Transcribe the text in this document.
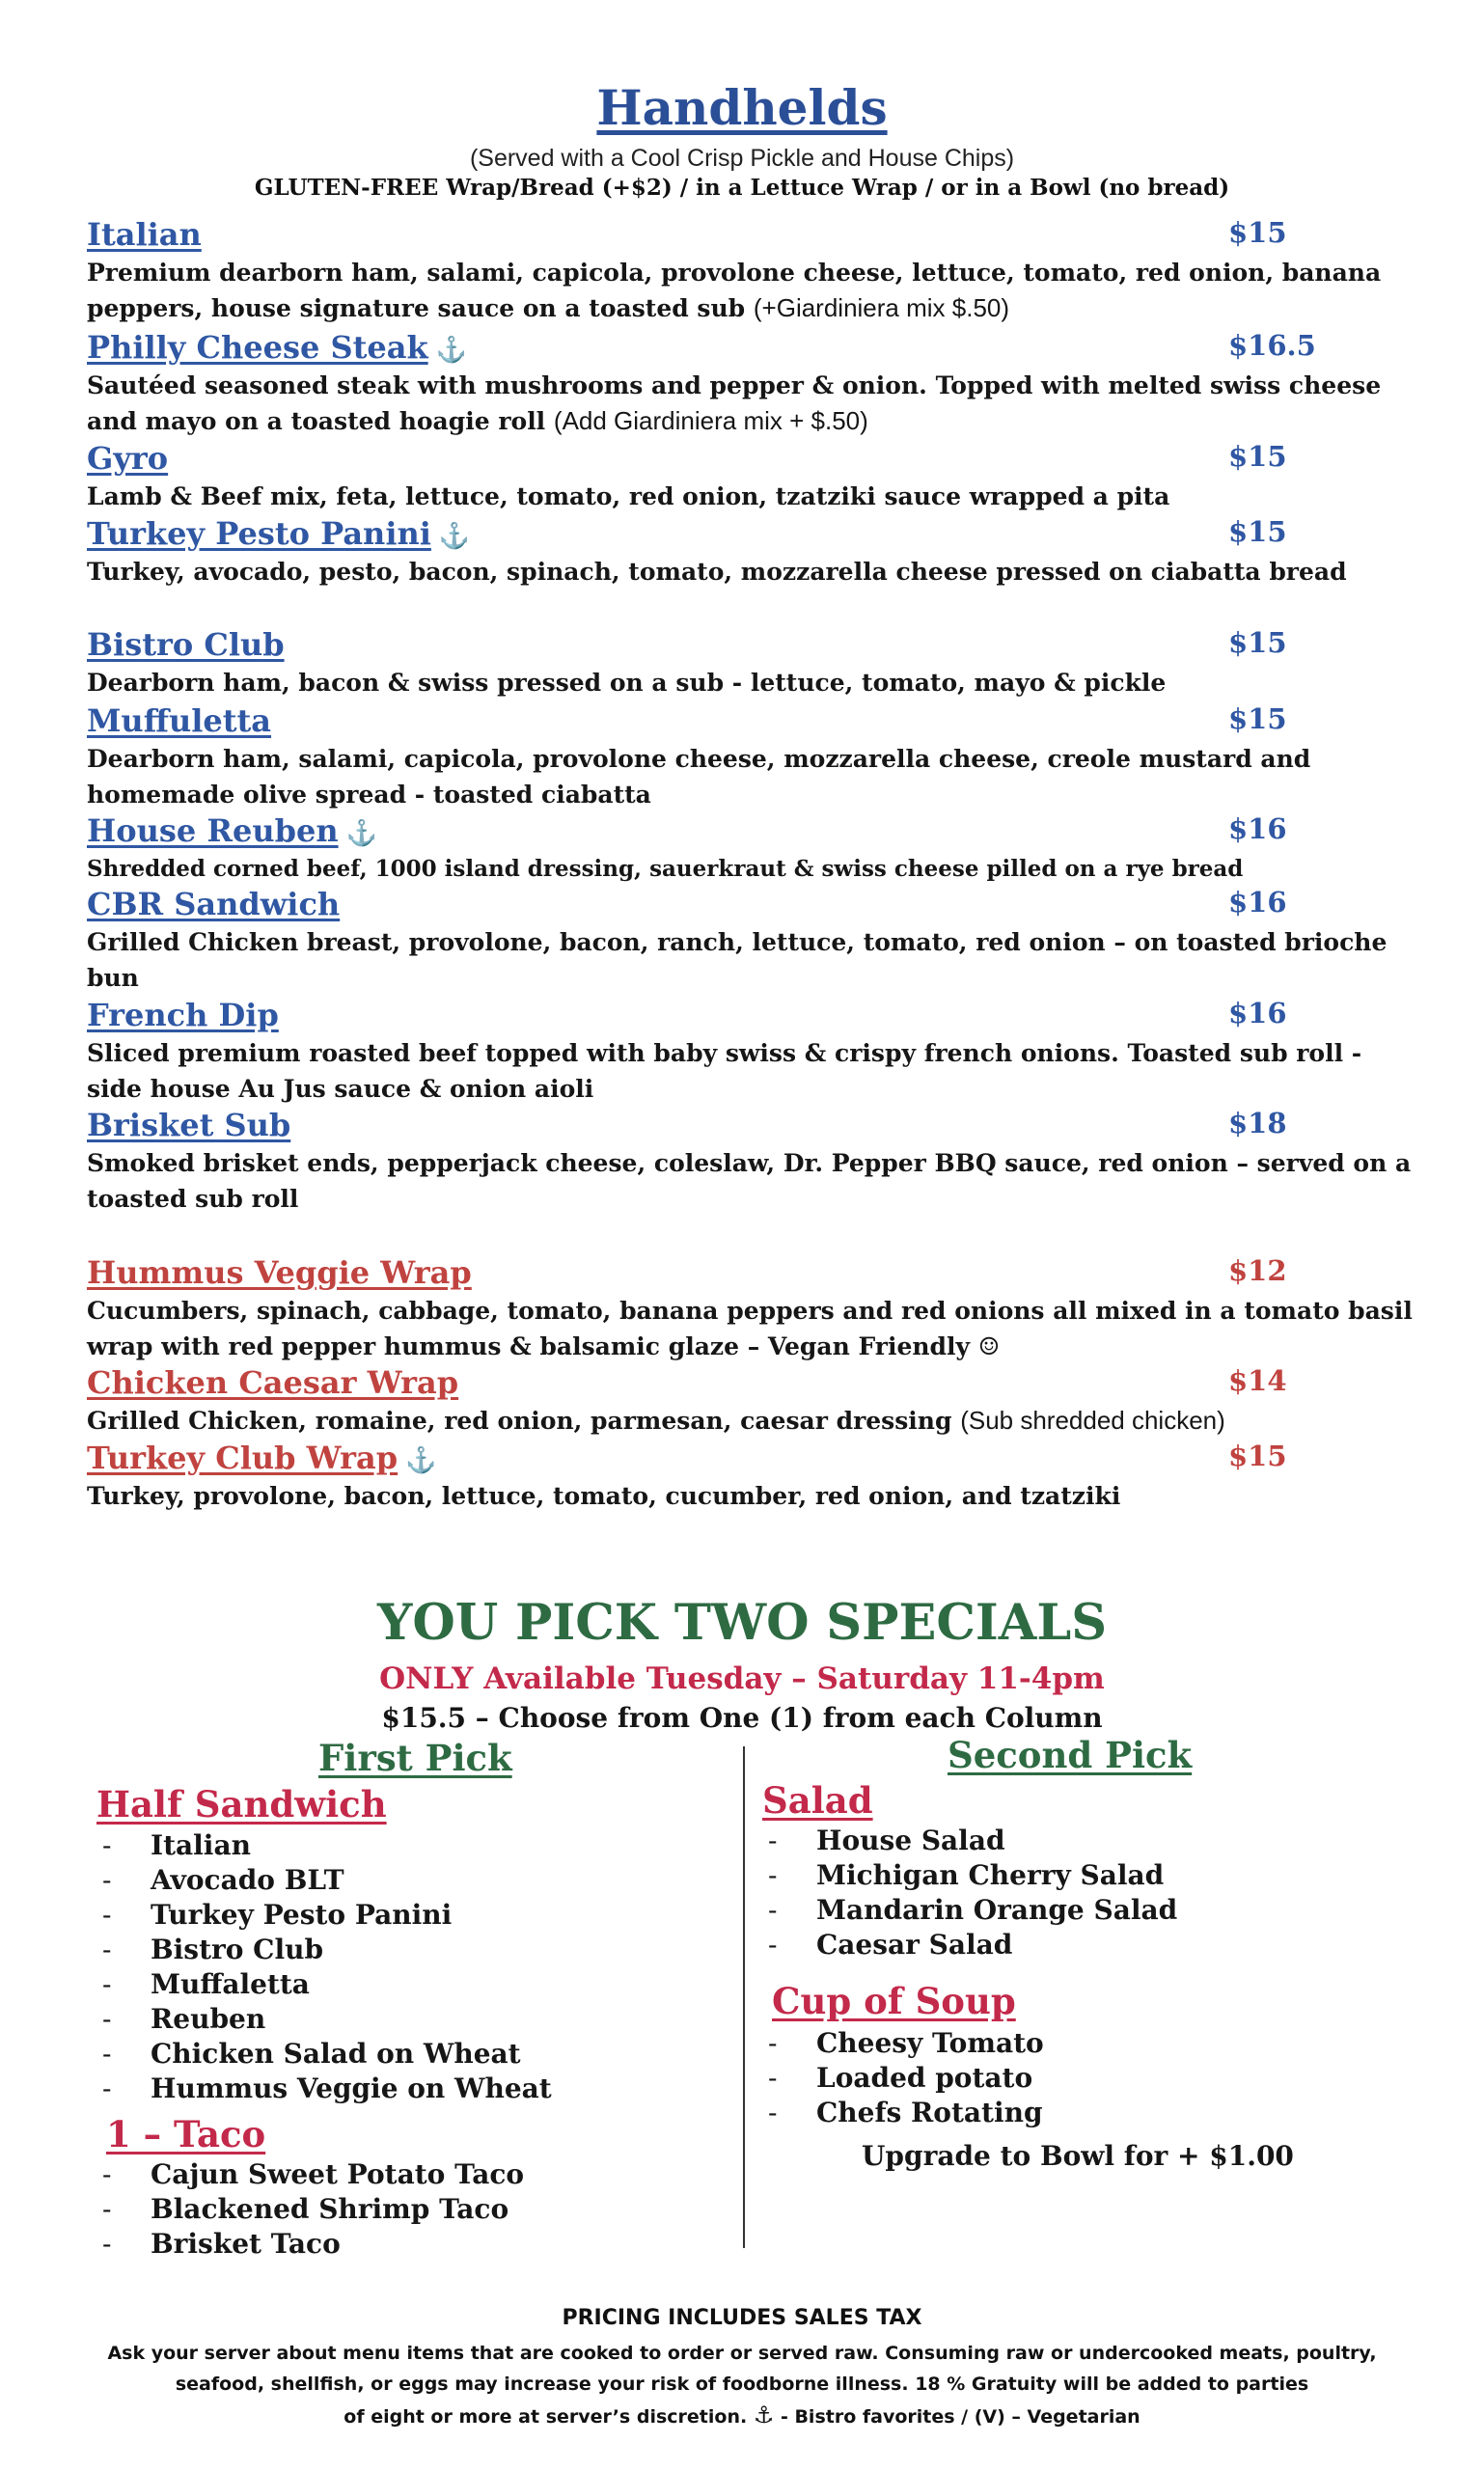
Handhelds
(Served with a Cool Crisp Pickle and House Chips)
GLUTEN-FREE Wrap/Bread (+$2) / in a Lettuce Wrap / or in a Bowl (no bread)
Italian	$15
Premium dearborn ham, salami, capicola, provolone cheese, lettuce, tomato, red onion, banana peppers, house signature sauce on a toasted sub (+Giardiniera mix $.50)
Philly Cheese Steak ⚓	$16.5
Sautéed seasoned steak with mushrooms and pepper & onion. Topped with melted swiss cheese and mayo on a toasted hoagie roll (Add Giardiniera mix + $.50)
Gyro	$15
Lamb & Beef mix, feta, lettuce, tomato, red onion, tzatziki sauce wrapped a pita
Turkey Pesto Panini ⚓	$15
Turkey, avocado, pesto, bacon, spinach, tomato, mozzarella cheese pressed on ciabatta bread
Bistro Club	$15
Dearborn ham, bacon & swiss pressed on a sub - lettuce, tomato, mayo & pickle
Muffuletta	$15
Dearborn ham, salami, capicola, provolone cheese, mozzarella cheese, creole mustard and homemade olive spread - toasted ciabatta
House Reuben ⚓	$16
Shredded corned beef, 1000 island dressing, sauerkraut & swiss cheese pilled on a rye bread
CBR Sandwich	$16
Grilled Chicken breast, provolone, bacon, ranch, lettuce, tomato, red onion – on toasted brioche bun
French Dip	$16
Sliced premium roasted beef topped with baby swiss & crispy french onions. Toasted sub roll - side house Au Jus sauce & onion aioli
Brisket Sub	$18
Smoked brisket ends, pepperjack cheese, coleslaw, Dr. Pepper BBQ sauce, red onion – served on a toasted sub roll
Hummus Veggie Wrap	$12
Cucumbers, spinach, cabbage, tomato, banana peppers and red onions all mixed in a tomato basil wrap with red pepper hummus & balsamic glaze – Vegan Friendly ☺
Chicken Caesar Wrap	$14
Grilled Chicken, romaine, red onion, parmesan, caesar dressing (Sub shredded chicken)
Turkey Club Wrap ⚓	$15
Turkey, provolone, bacon, lettuce, tomato, cucumber, red onion, and tzatziki
YOU PICK TWO SPECIALS
ONLY Available Tuesday – Saturday 11-4pm
$15.5 – Choose from One (1) from each Column
First Pick	Second Pick
Half Sandwich
- Italian
- Avocado BLT
- Turkey Pesto Panini
- Bistro Club
- Muffaletta
- Reuben
- Chicken Salad on Wheat
- Hummus Veggie on Wheat
1 – Taco
- Cajun Sweet Potato Taco
- Blackened Shrimp Taco
- Brisket Taco
Salad
- House Salad
- Michigan Cherry Salad
- Mandarin Orange Salad
- Caesar Salad
Cup of Soup
- Cheesy Tomato
- Loaded potato
- Chefs Rotating
Upgrade to Bowl for + $1.00
PRICING INCLUDES SALES TAX
Ask your server about menu items that are cooked to order or served raw. Consuming raw or undercooked meats, poultry,
seafood, shellfish, or eggs may increase your risk of foodborne illness. 18 % Gratuity will be added to parties
of eight or more at server’s discretion. ⚓ - Bistro favorites / (V) – Vegetarian
